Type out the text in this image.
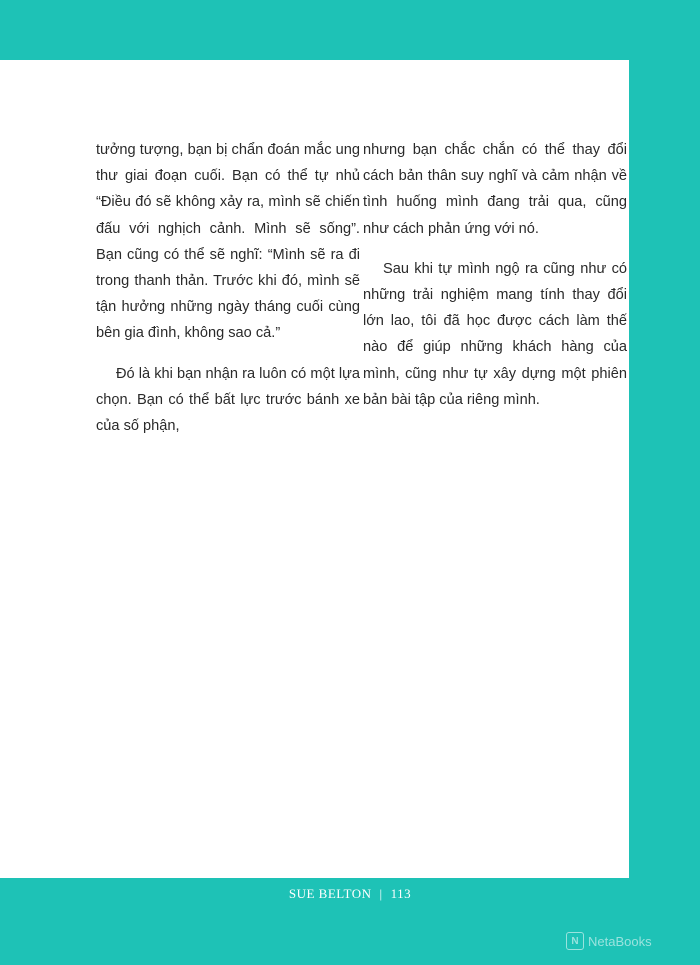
tưởng tượng, bạn bị chẩn đoán mắc ung thư giai đoạn cuối. Bạn có thể tự nhủ “Điều đó sẽ không xảy ra, mình sẽ chiến đấu với nghịch cảnh. Mình sẽ sống”. Bạn cũng có thể sẽ nghĩ: “Mình sẽ ra đi trong thanh thản. Trước khi đó, mình sẽ tận hưởng những ngày tháng cuối cùng bên gia đình, không sao cả.”

Đó là khi bạn nhận ra luôn có một lựa chọn. Bạn có thể bất lực trước bánh xe của số phận,

nhưng bạn chắc chắn có thể thay đổi cách bản thân suy nghĩ và cảm nhận về tình huống mình đang trải qua, cũng như cách phản ứng với nó.

Sau khi tự mình ngộ ra cũng như có những trải nghiệm mang tính thay đổi lớn lao, tôi đã học được cách làm thế nào để giúp những khách hàng của mình, cũng như tự xây dựng một phiên bản bài tập của riêng mình.

SUE BELTON | 113
N NetaBooks
